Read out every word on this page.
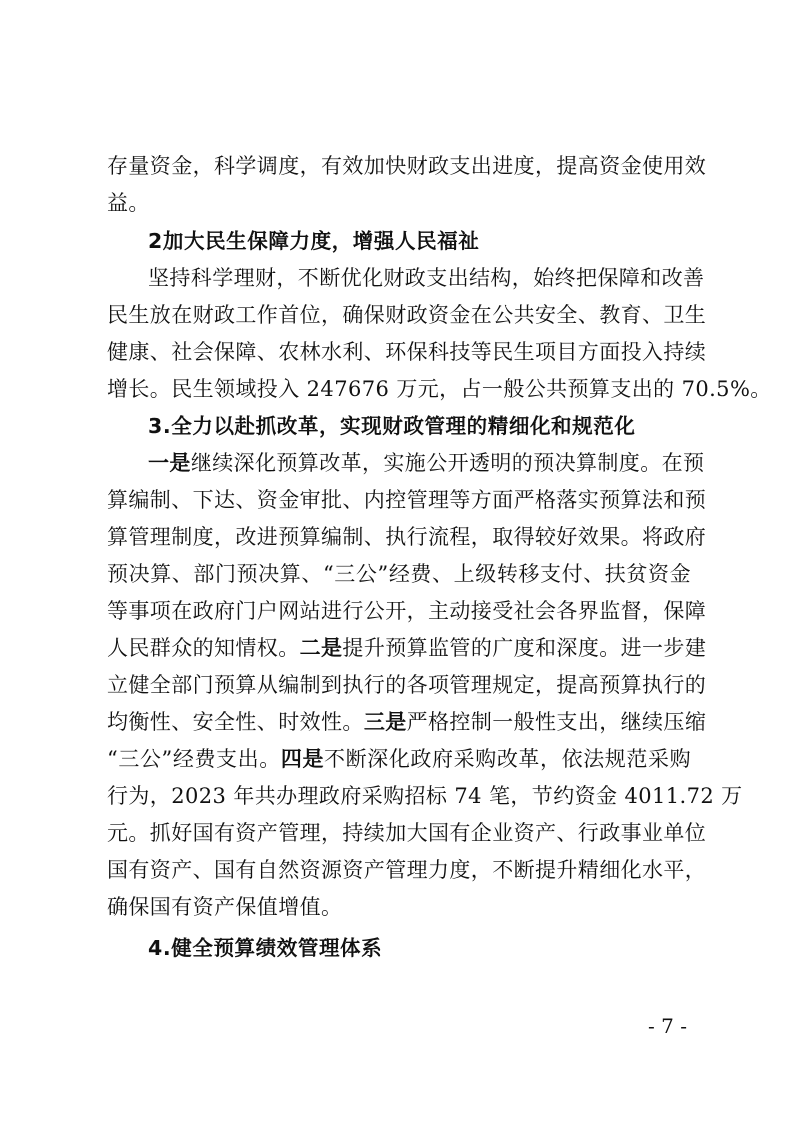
存量资金，科学调度，有效加快财政支出进度，提高资金使用效
益。
2加大民生保障力度，增强人民福祉
坚持科学理财，不断优化财政支出结构，始终把保障和改善
民生放在财政工作首位，确保财政资金在公共安全、教育、卫生
健康、社会保障、农林水利、环保科技等民生项目方面投入持续
增长。民生领域投入 247676 万元，占一般公共预算支出的 70.5%。
3.全力以赴抓改革，实现财政管理的精细化和规范化
一是继续深化预算改革，实施公开透明的预决算制度。在预
算编制、下达、资金审批、内控管理等方面严格落实预算法和预
算管理制度，改进预算编制、执行流程，取得较好效果。将政府
预决算、部门预决算、“三公”经费、上级转移支付、扶贫资金
等事项在政府门户网站进行公开，主动接受社会各界监督，保障
人民群众的知情权。二是提升预算监管的广度和深度。进一步建
立健全部门预算从编制到执行的各项管理规定，提高预算执行的
均衡性、安全性、时效性。三是严格控制一般性支出，继续压缩
“三公”经费支出。四是不断深化政府采购改革，依法规范采购
行为，2023 年共办理政府采购招标 74 笔，节约资金 4011.72 万
元。抓好国有资产管理，持续加大国有企业资产、行政事业单位
国有资产、国有自然资源资产管理力度，不断提升精细化水平，
确保国有资产保值增值。
4.健全预算绩效管理体系
- 7 -
